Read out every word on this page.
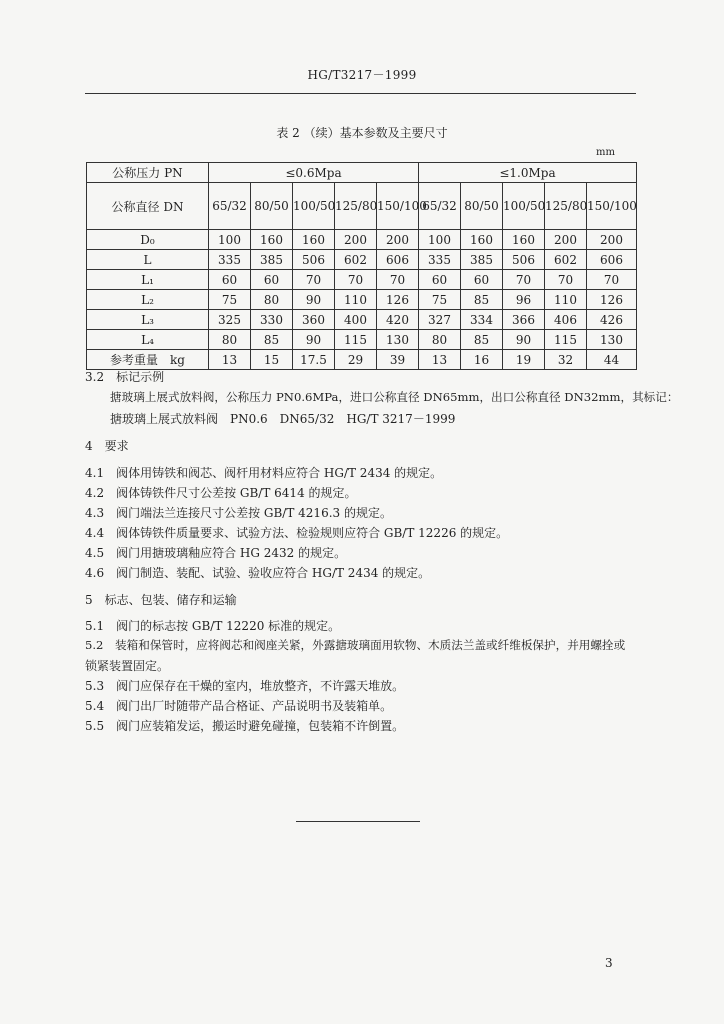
HG/T3217－1999
表 2 （续）基本参数及主要尺寸
mm
公称压力 PN	≤0.6Mpa					≤1.0Mpa				
公称直径 DN	65/32	80/50	100/50	125/80	150/100	65/32	80/50	100/50	125/80	150/100
D₀	100	160	160	200	200	100	160	160	200	200
L	335	385	506	602	606	335	385	506	602	606
L₁	60	60	70	70	70	60	60	70	70	70
L₂	75	80	90	110	126	75	85	96	110	126
L₃	325	330	360	400	420	327	334	366	406	426
L₄	80	85	90	115	130	80	85	90	115	130
参考重量　kg	13	15	17.5	29	39	13	16	19	32	44
3.2　标记示例
搪玻璃上展式放料阀，公称压力 PN0.6MPa，进口公称直径 DN65mm，出口公称直径 DN32mm，其标记：
搪玻璃上展式放料阀　PN0.6　DN65/32　HG/T 3217－1999
4　要求
4.1　阀体用铸铁和阀芯、阀杆用材料应符合 HG/T 2434 的规定。
4.2　阀体铸铁件尺寸公差按 GB/T 6414 的规定。
4.3　阀门端法兰连接尺寸公差按 GB/T 4216.3 的规定。
4.4　阀体铸铁件质量要求、试验方法、检验规则应符合 GB/T 12226 的规定。
4.5　阀门用搪玻璃釉应符合 HG 2432 的规定。
4.6　阀门制造、装配、试验、验收应符合 HG/T 2434 的规定。
5　标志、包装、储存和运输
5.1　阀门的标志按 GB/T 12220 标准的规定。
5.2　装箱和保管时，应将阀芯和阀座关紧，外露搪玻璃面用软物、木质法兰盖或纤维板保护，并用螺拴或
锁紧装置固定。
5.3　阀门应保存在干燥的室内，堆放整齐，不许露天堆放。
5.4　阀门出厂时随带产品合格证、产品说明书及装箱单。
5.5　阀门应装箱发运，搬运时避免碰撞，包装箱不许倒置。
3
